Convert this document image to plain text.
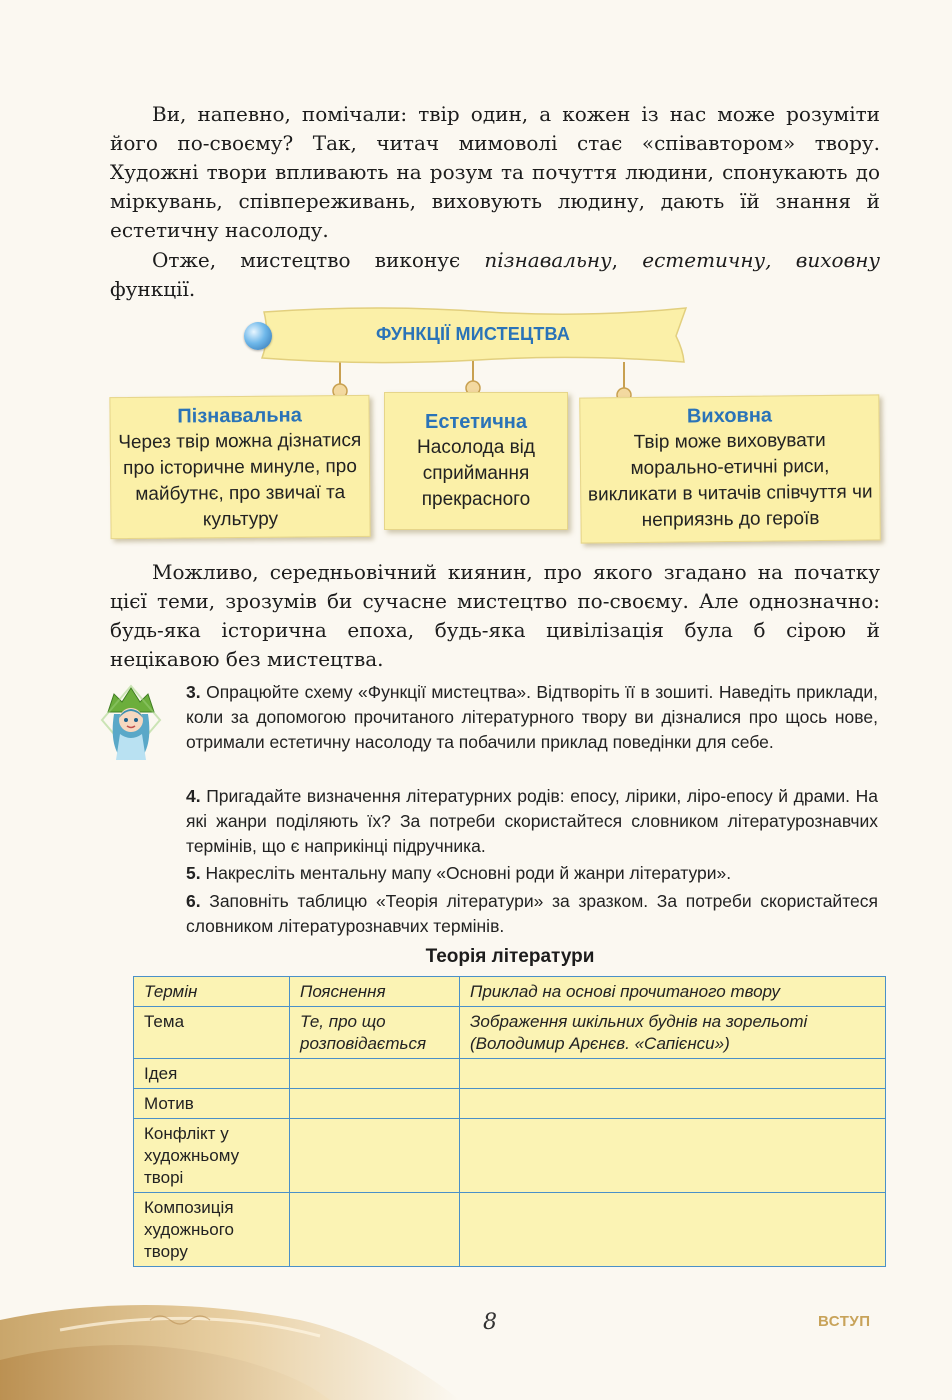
Ви, напевно, помічали: твір один, а кожен із нас може розуміти його по-своєму? Так, читач мимоволі стає «співавтором» твору. Художні твори впливають на розум та почуття людини, спонукають до міркувань, співпереживань, виховують людину, дають їй знання й естетичну насолоду.

Отже, мистецтво виконує пізнавальну, естетичну, виховну функції.

ФУНКЦІЇ МИСТЕЦТВА
Пізнавальна
Через твір можна дізнатися про історичне минуле, про майбутнє, про звичаї та культуру
Естетична
Насолода від сприймання прекрасного
Виховна
Твір може виховувати морально-етичні риси, викликати в читачів співчуття чи неприязнь до героїв

Можливо, середньовічний киянин, про якого згадано на початку цієї теми, зрозумів би сучасне мистецтво по-своєму. Але однозначно: будь-яка історична епоха, будь-яка цивілізація була б сірою й нецікавою без мистецтва.

3. Опрацюйте схему «Функції мистецтва». Відтворіть її в зошиті. Наведіть приклади, коли за допомогою прочитаного літературного твору ви дізналися про щось нове, отримали естетичну насолоду та побачили приклад поведінки для себе.

4. Пригадайте визначення літературних родів: епосу, лірики, ліро-епосу й драми. На які жанри поділяють їх? За потреби скористайтеся словником літературознавчих термінів, що є наприкінці підручника.

5. Накресліть ментальну мапу «Основні роди й жанри літератури».

6. Заповніть таблицю «Теорія літератури» за зразком. За потреби скористайтеся словником літературознавчих термінів.

Теорія літератури
Термін	Пояснення	Приклад на основі прочитаного твору
Тема	Те, про що розповідається	Зображення шкільних буднів на зорельоті (Володимир Арєнєв. «Сапієнси»)
Ідея		
Мотив		
Конфлікт у художньому творі		
Композиція художнього твору		
8	ВСТУП
